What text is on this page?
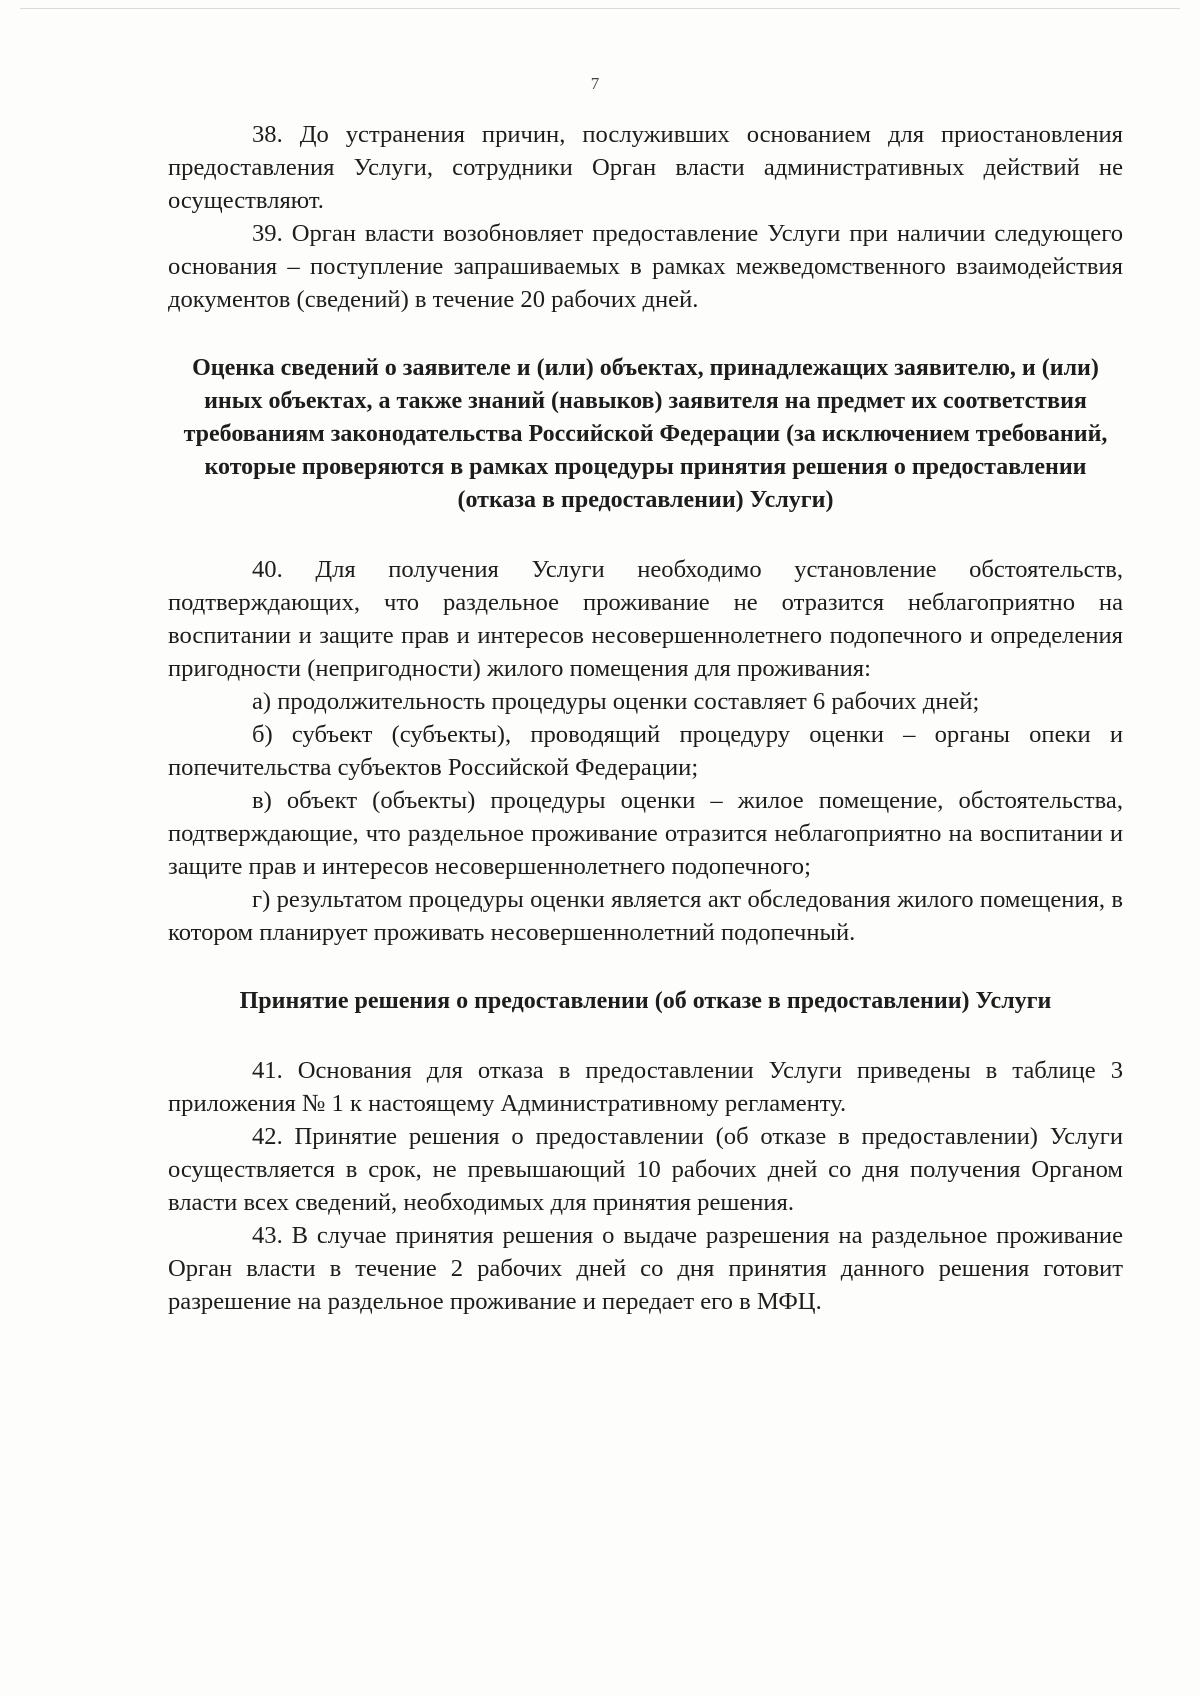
7

38. До устранения причин, послуживших основанием для приостановления предоставления Услуги, сотрудники Орган власти административных действий не осуществляют.

39. Орган власти возобновляет предоставление Услуги при наличии следующего основания – поступление запрашиваемых в рамках межведомственного взаимодействия документов (сведений) в течение 20 рабочих дней.

Оценка сведений о заявителе и (или) объектах, принадлежащих заявителю, и (или) иных объектах, а также знаний (навыков) заявителя на предмет их соответствия требованиям законодательства Российской Федерации (за исключением требований, которые проверяются в рамках процедуры принятия решения о предоставлении (отказа в предоставлении) Услуги)

40. Для получения Услуги необходимо установление обстоятельств, подтверждающих, что раздельное проживание не отразится неблагоприятно на воспитании и защите прав и интересов несовершеннолетнего подопечного и определения пригодности (непригодности) жилого помещения для проживания:

а) продолжительность процедуры оценки составляет 6 рабочих дней;

б) субъект (субъекты), проводящий процедуру оценки – органы опеки и попечительства субъектов Российской Федерации;

в) объект (объекты) процедуры оценки – жилое помещение, обстоятельства, подтверждающие, что раздельное проживание отразится неблагоприятно на воспитании и защите прав и интересов несовершеннолетнего подопечного;

г) результатом процедуры оценки является акт обследования жилого помещения, в котором планирует проживать несовершеннолетний подопечный.

Принятие решения о предоставлении (об отказе в предоставлении) Услуги

41. Основания для отказа в предоставлении Услуги приведены в таблице 3 приложения № 1 к настоящему Административному регламенту.

42. Принятие решения о предоставлении (об отказе в предоставлении) Услуги осуществляется в срок, не превышающий 10 рабочих дней со дня получения Органом власти всех сведений, необходимых для принятия решения.

43. В случае принятия решения о выдаче разрешения на раздельное проживание Орган власти в течение 2 рабочих дней со дня принятия данного решения готовит разрешение на раздельное проживание и передает его в МФЦ.
